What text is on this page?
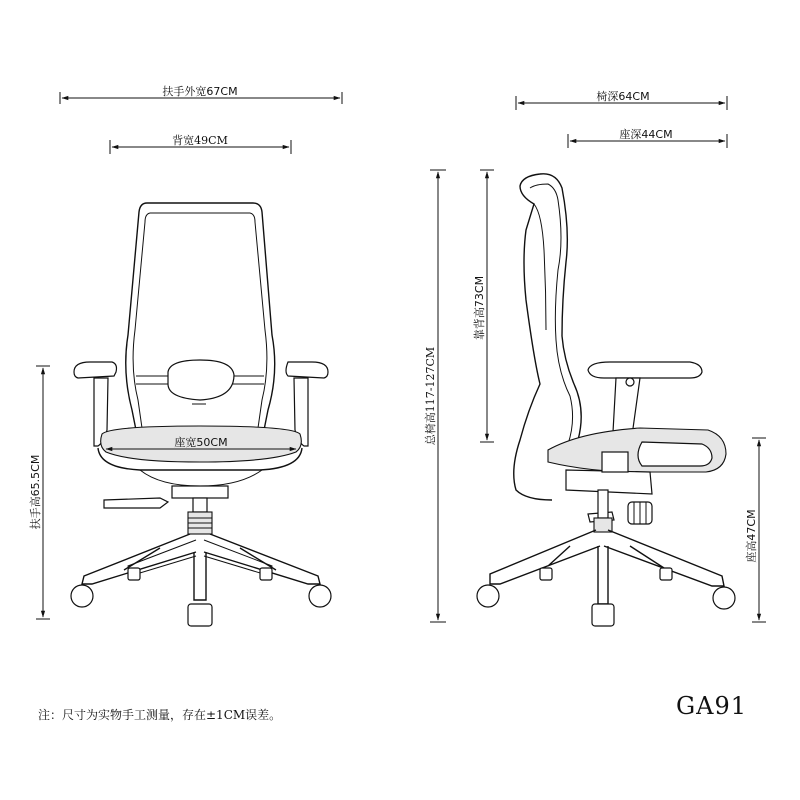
扶手外宽67CM
背宽49CM
座宽50CM
扶手高65.5CM
总椅高117-127CM
椅深64CM
座深44CM
靠背高73CM
座高47CM
注：尺寸为实物手工测量，存在±1CM误差。	GA91
